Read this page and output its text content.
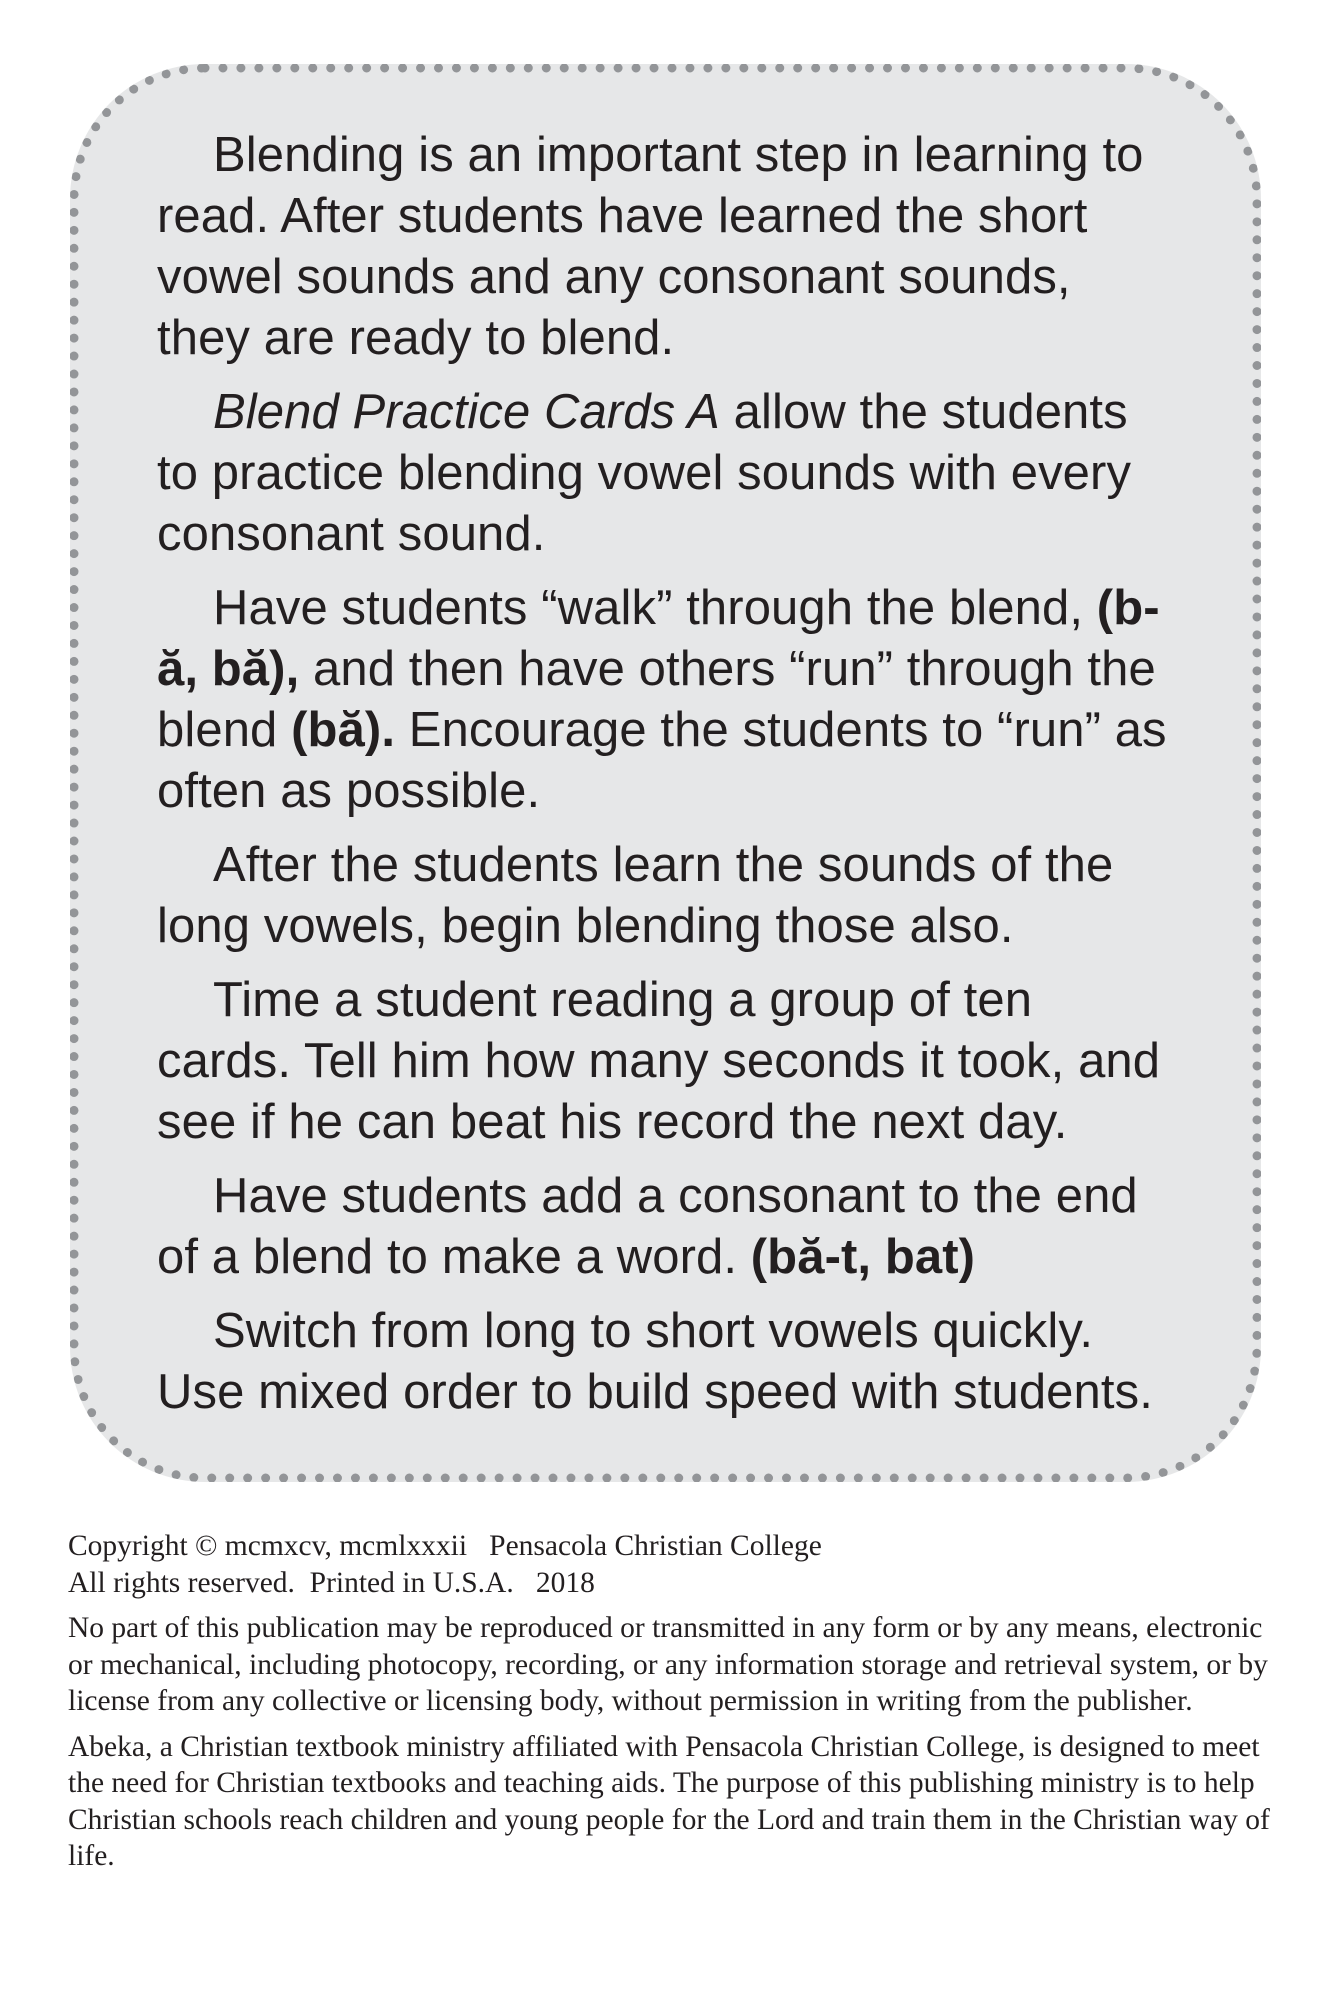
Blending is an important step in learning to read. After students have learned the short vowel sounds and any consonant sounds, they are ready to blend.

Blend Practice Cards A allow the students to practice blending vowel sounds with every consonant sound.

Have students “walk” through the blend, (b-ă, bă), and then have others “run” through the blend (bă). Encourage the students to “run” as often as possible.

After the students learn the sounds of the long vowels, begin blending those also.

Time a student reading a group of ten cards. Tell him how many seconds it took, and see if he can beat his record the next day.

Have students add a consonant to the end of a blend to make a word. (bă-t, bat)

Switch from long to short vowels quickly. Use mixed order to build speed with students.

Copyright © mcmxcv, mcmlxxxii   Pensacola Christian College
All rights reserved.  Printed in U.S.A.   2018

No part of this publication may be reproduced or transmitted in any form or by any means, electronic or mechanical, including photocopy, recording, or any information storage and retrieval system, or by license from any collective or licensing body, without permission in writing from the publisher.

Abeka, a Christian textbook ministry affiliated with Pensacola Christian College, is designed to meet the need for Christian textbooks and teaching aids. The purpose of this publishing ministry is to help Christian schools reach children and young people for the Lord and train them in the Christian way of life.
